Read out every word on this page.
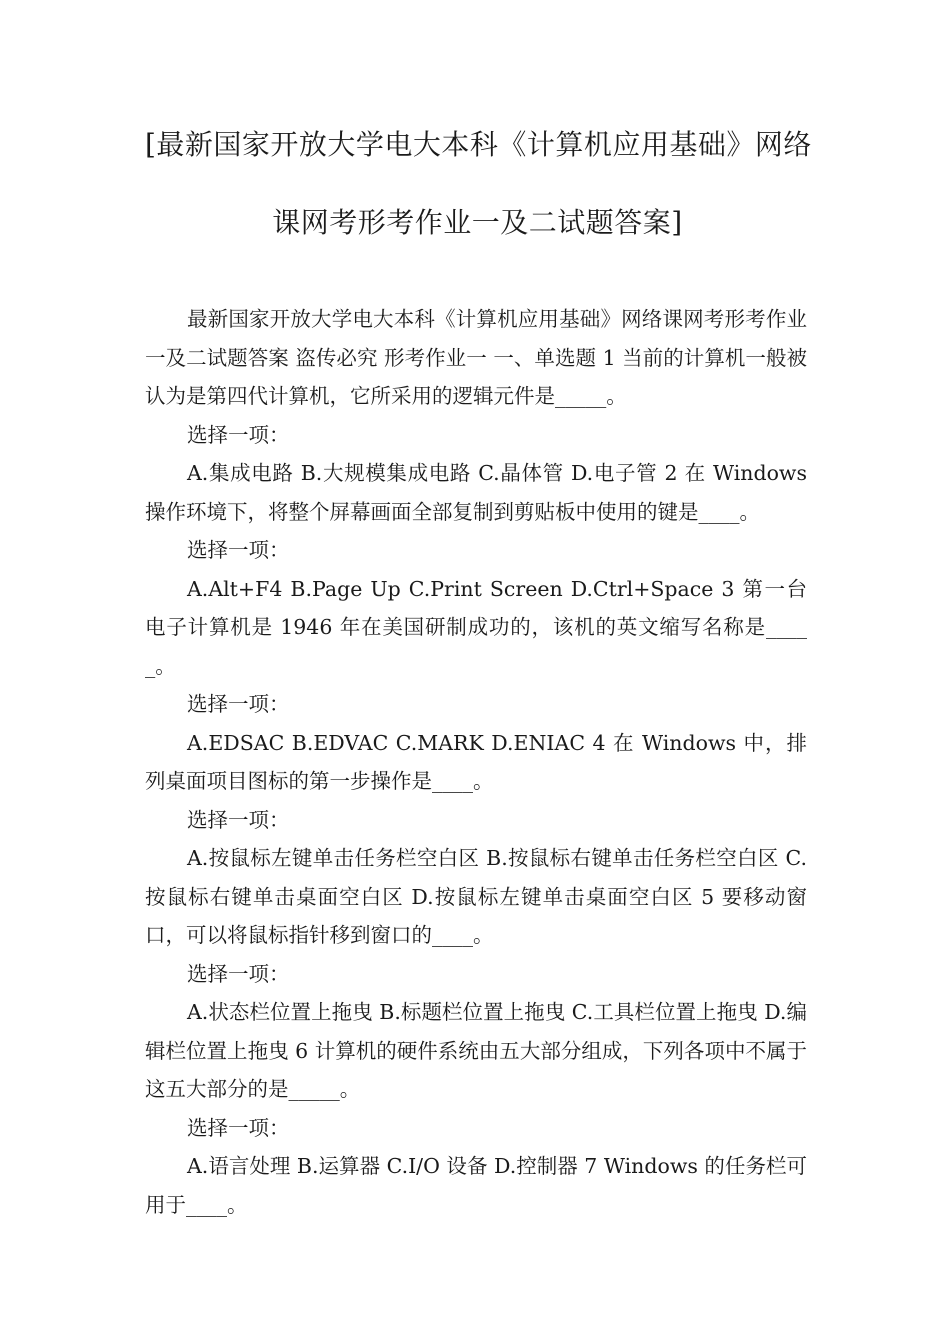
[最新国家开放大学电大本科《计算机应用基础》网络
课网考形考作业一及二试题答案]

最新国家开放大学电大本科《计算机应用基础》网络课网考形考作业一及二试题答案 盗传必究 形考作业一 一、单选题 1 当前的计算机一般被认为是第四代计算机，它所采用的逻辑元件是_____。

选择一项：

A.集成电路 B.大规模集成电路 C.晶体管 D.电子管 2 在 Windows 操作环境下，将整个屏幕画面全部复制到剪贴板中使用的键是____。

选择一项：

A.Alt+F4 B.Page Up C.Print Screen D.Ctrl+Space 3 第一台电子计算机是 1946 年在美国研制成功的，该机的英文缩写名称是_____。

选择一项：

A.EDSAC B.EDVAC C.MARK D.ENIAC 4 在 Windows 中，排列桌面项目图标的第一步操作是____。

选择一项：

A.按鼠标左键单击任务栏空白区 B.按鼠标右键单击任务栏空白区 C.按鼠标右键单击桌面空白区 D.按鼠标左键单击桌面空白区 5 要移动窗口，可以将鼠标指针移到窗口的____。

选择一项：

A.状态栏位置上拖曳 B.标题栏位置上拖曳 C.工具栏位置上拖曳 D.编辑栏位置上拖曳 6 计算机的硬件系统由五大部分组成，下列各项中不属于这五大部分的是_____。

选择一项：

A.语言处理 B.运算器 C.I/O 设备 D.控制器 7 Windows 的任务栏可用于____。
